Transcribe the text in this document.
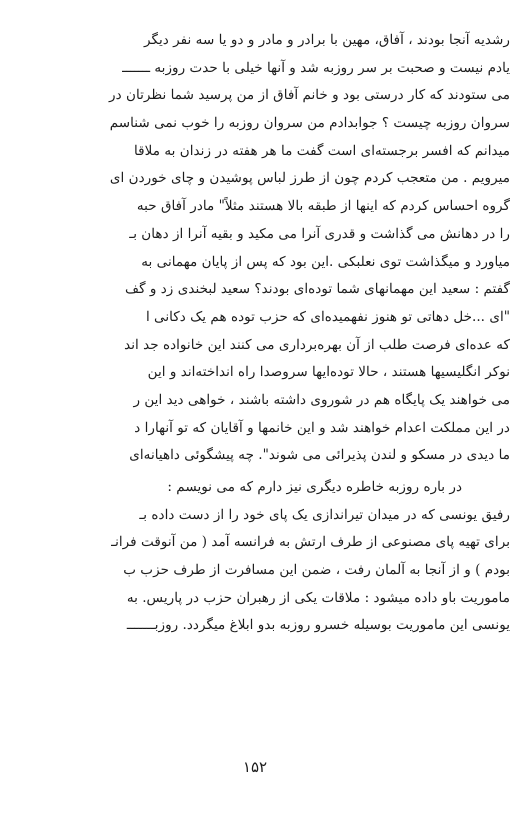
رشدیه آنجا بودند ، آفاق، مهین با برادر و مادر و دو یا سه نفر دیگر
یادم نیست و صحبت بر سر روزبه شد و آنها خیلی با حدت روزبه ـــــــ
می ستودند که کار درستی بود و خانم آفاق از من پرسید شما نظرتان در
سروان روزبه چیست ؟ جوابدادم من سروان روزبه را خوب نمی شناسم
میدانم که افسر برجسته‌ای است گفت ما هر هفته در زندان به ملاقا
میرویم . من متعجب کردم چون از طرز لباس پوشیدن و چای خوردن ای
گروه احساس کردم که اینها از طبقه بالا هستند مثلاً" مادر آفاق حبه
را در دهانش می گذاشت و قدری آنرا می مکید و بقیه آنرا از دهان بـ
میاورد و میگذاشت توی نعلبکی .این بود که پس از پایان مهمانی به
گفتم : سعید این مهمانهای شما توده‌ای بودند؟ سعید لبخندی زد و گف
"ای ...خل دهاتی تو هنوز نفهمیده‌ای که حزب توده هم یک دکانی ا
که عده‌ای فرصت طلب از آن بهره‌برداری می کنند این خانواده جد اند
نوکر انگلیسیها هستند ، حالا توده‌ایها سروصدا راه انداخته‌اند و این
می خواهند یک پایگاه هم در شوروی داشته باشند ، خواهی دید این ر
در این مملکت اعدام خواهند شد و این خانمها و آقایان که تو آنهارا د
ما دیدی در مسکو و لندن پذیرائی می شوند". چه پیشگوئی داهیانه‌ای
در باره روزبه خاطره دیگری نیز دارم که می نویسم :
رفیق یونسی که در میدان تیراندازی یک پای خود را از دست داده بـ
برای تهیه پای مصنوعی از طرف ارتش به فرانسه آمد ( من آنوقت فرانـ
بودم ) و از آنجا به آلمان رفت ، ضمن این مسافرت از طرف حزب ب
ماموریت باو داده میشود : ملاقات یکی از رهبران حزب در پاریس. به
یونسی این ماموریت بوسیله خسرو روزبه بدو ابلاغ میگردد. روزبـــــــ
۱۵۲
